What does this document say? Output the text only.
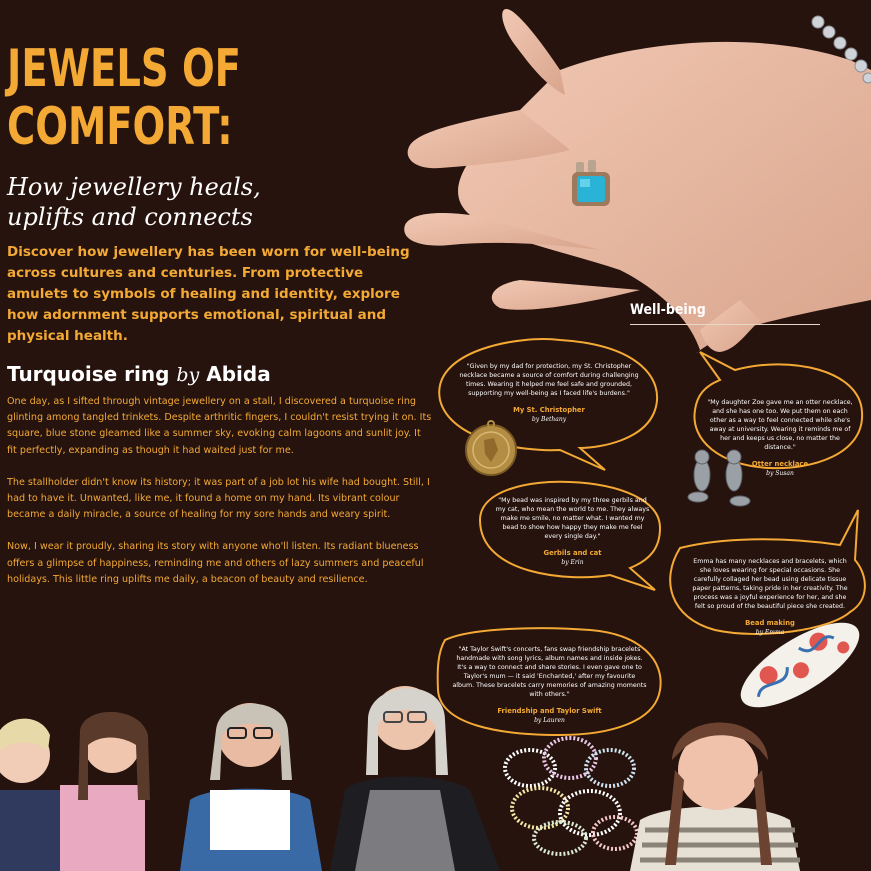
JEWELS OF
COMFORT:
How jewellery heals,
uplifts and connects
Discover how jewellery has been worn for well-being across cultures and centuries. From protective amulets to symbols of healing and identity, explore how adornment supports emotional, spiritual and physical health.
Turquoise ring by Abida

One day, as I sifted through vintage jewellery on a stall, I discovered a turquoise ring glinting among tangled trinkets. Despite arthritic fingers, I couldn't resist trying it on. Its square, blue stone gleamed like a summer sky, evoking calm lagoons and sunlit joy. It fit perfectly, expanding as though it had waited just for me.

The stallholder didn't know its history; it was part of a job lot his wife had bought. Still, I had to have it. Unwanted, like me, it found a home on my hand. Its vibrant colour became a daily miracle, a source of healing for my sore hands and weary spirit.

Now, I wear it proudly, sharing its story with anyone who'll listen. Its radiant blueness offers a glimpse of happiness, reminding me and others of lazy summers and peaceful holidays. This little ring uplifts me daily, a beacon of beauty and resilience.

Well-being
"Given by my dad for protection, my St. Christopher necklace became a source of comfort during challenging times. Wearing it helped me feel safe and grounded, supporting my well-being as I faced life's burdens."
My St. Christopher
by Bethany
"My daughter Zoe gave me an otter necklace, and she has one too. We put them on each other as a way to feel connected while she's away at university. Wearing it reminds me of her and keeps us close, no matter the distance."
Otter necklace
by Susan
"My bead was inspired by my three gerbils and my cat, who mean the world to me. They always make me smile, no matter what. I wanted my bead to show how happy they make me feel every single day."
Gerbils and cat
by Erin	Emma has many necklaces and bracelets, which she loves wearing for special occasions. She carefully collaged her bead using delicate tissue paper patterns, taking pride in her creativity. The process was a joyful experience for her, and she felt so proud of the beautiful piece she created.
Bead making
by Emma
"At Taylor Swift's concerts, fans swap friendship bracelets handmade with song lyrics, album names and inside jokes. It's a way to connect and share stories. I even gave one to Taylor's mum — it said 'Enchanted,' after my favourite album. These bracelets carry memories of amazing moments with others."
Friendship and Taylor Swift
by Lauren
